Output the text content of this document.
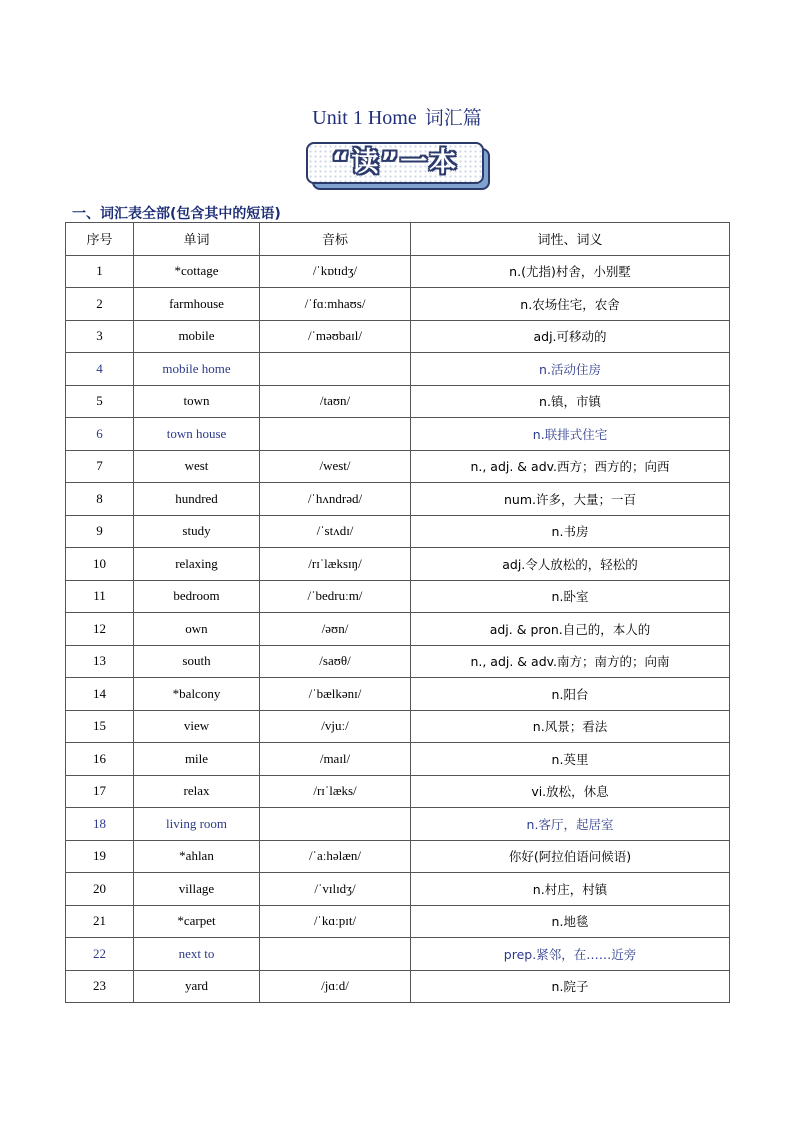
Unit 1 Home 词汇篇
“读”一本
一、词汇表全部(包含其中的短语)
序号	单词	音标	词性、词义
1	*cottage	/ˈkɒtɪdʒ/	n.(尤指)村舍，小别墅
2	farmhouse	/ˈfɑːmhaʊs/	n.农场住宅，农舍
3	mobile	/ˈməʊbaɪl/	adj.可移动的
4	mobile home		n.活动住房
5	town	/taʊn/	n.镇，市镇
6	town house		n.联排式住宅
7	west	/west/	n., adj. & adv.西方；西方的；向西
8	hundred	/ˈhʌndrəd/	num.许多，大量；一百
9	study	/ˈstʌdɪ/	n.书房
10	relaxing	/rɪˈlæksɪŋ/	adj.令人放松的，轻松的
11	bedroom	/ˈbedruːm/	n.卧室
12	own	/əʊn/	adj. & pron.自己的，本人的
13	south	/saʊθ/	n., adj. & adv.南方；南方的；向南
14	*balcony	/ˈbælkənɪ/	n.阳台
15	view	/vjuː/	n.风景；看法
16	mile	/maɪl/	n.英里
17	relax	/rɪˈlæks/	vi.放松，休息
18	living room		n.客厅，起居室
19	*ahlan	/ˈaːhəlæn/	你好(阿拉伯语问候语)
20	village	/ˈvɪlɪdʒ/	n.村庄，村镇
21	*carpet	/ˈkɑːpɪt/	n.地毯
22	next to		prep.紧邻，在……近旁
23	yard	/jɑːd/	n.院子
